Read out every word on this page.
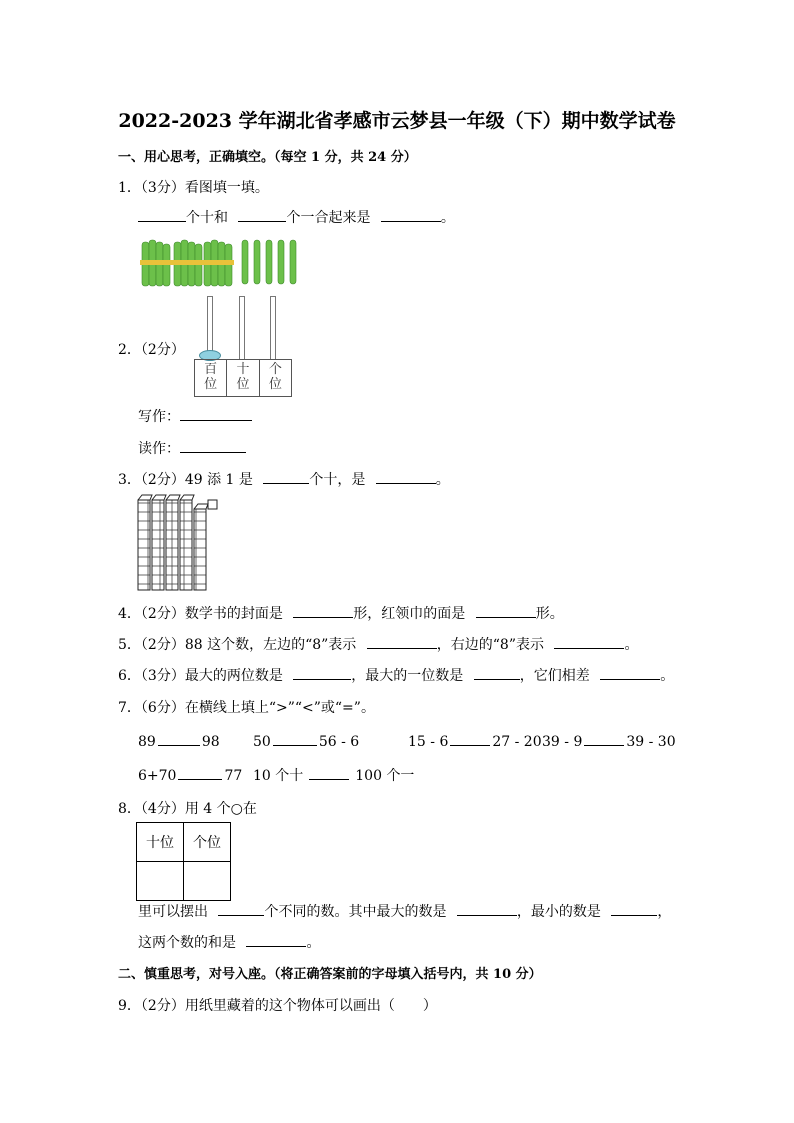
2022-2023 学年湖北省孝感市云梦县一年级（下）期中数学试卷
一、用心思考，正确填空。（每空 1 分，共 24 分）
1．（3分）看图填一填。
个十和	个一合起来是	。
2．（2分）
百
位
十
位
个
位
写作：
读作：
3．（2分）49 添 1 是	个十，是	。
4．（2分）数学书的封面是	形，红领巾的面是	形。
5．（2分）88 这个数，左边的“8”表示	，右边的“8”表示	。
6．（3分）最大的两位数是	，最大的一位数是	，它们相差	。
7．（6分）在横线上填上“>”“<”或“=”。
89	98 50	56 - 6	15 - 6	27 - 20 39 - 9	39 - 30
6+70	77 10 个十	100 个一
8．（4分）用 4 个○在
十位	个位

里可以摆出	个不同的数。其中最大的数是	，最小的数是	，
这两个数的和是	。
二、慎重思考，对号入座。（将正确答案前的字母填入括号内，共 10 分）
9．（2分）用纸里藏着的这个物体可以画出（　　）
